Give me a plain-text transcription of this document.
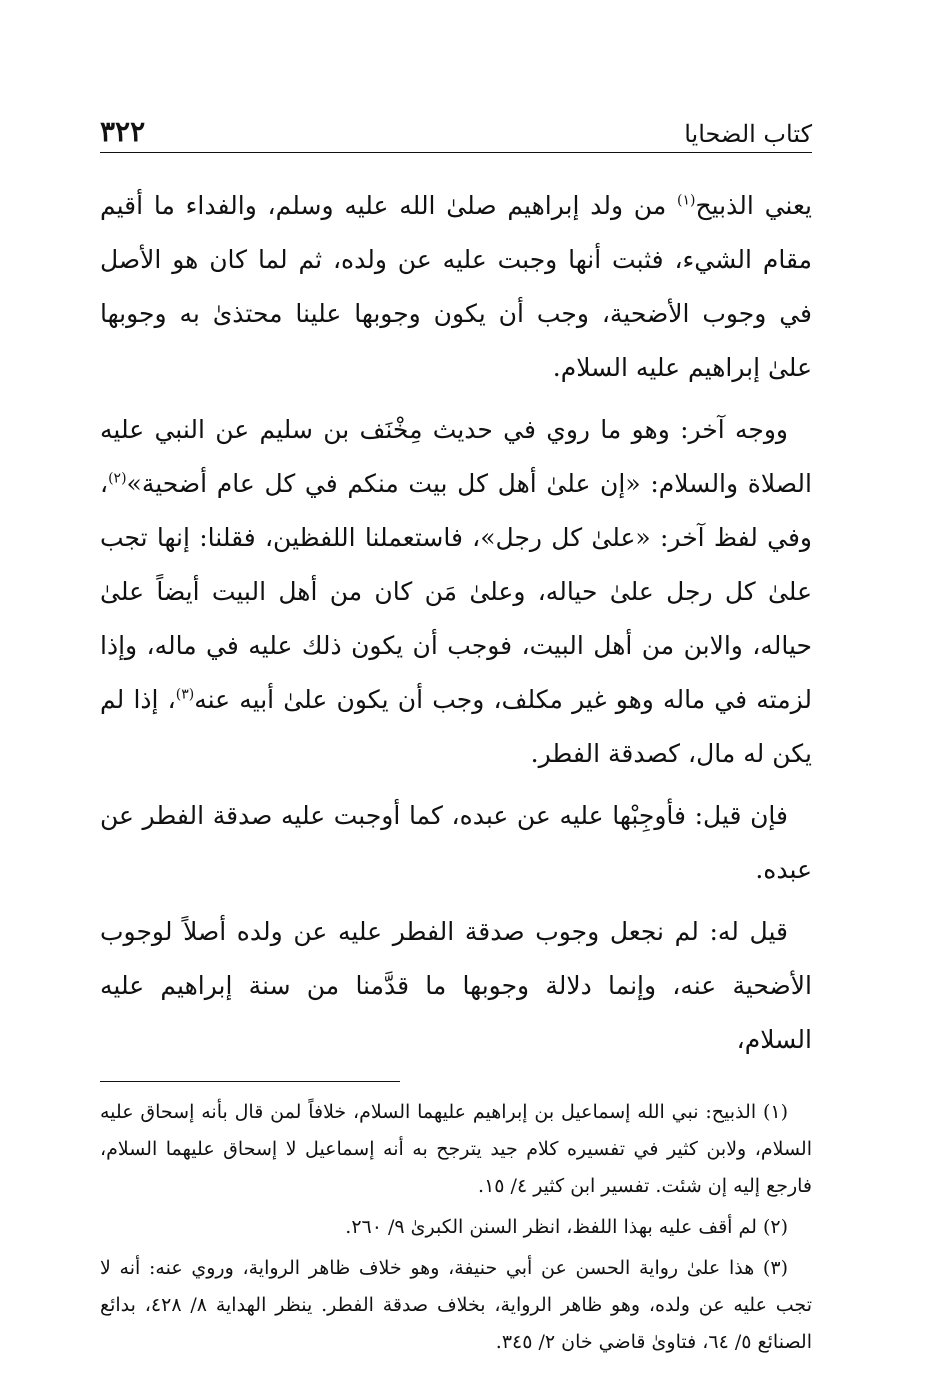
كتاب الضحايا
٣٢٢

يعني الذبيح$^{(١)}$ من ولد إبراهيم صلىٰ الله عليه وسلم، والفداء ما أقيم مقام الشيء، فثبت أنها وجبت عليه عن ولده، ثم لما كان هو الأصل في وجوب الأضحية، وجب أن يكون وجوبها علينا محتذىٰ به وجوبها علىٰ إبراهيم عليه السلام.

ووجه آخر: وهو ما روي في حديث مِخْنَف بن سليم عن النبي عليه الصلاة والسلام: «إن علىٰ أهل كل بيت منكم في كل عام أضحية»$^{(٢)}$، وفي لفظ آخر: «علىٰ كل رجل»، فاستعملنا اللفظين، فقلنا: إنها تجب علىٰ كل رجل علىٰ حياله، وعلىٰ مَن كان من أهل البيت أيضاً علىٰ حياله، والابن من أهل البيت، فوجب أن يكون ذلك عليه في ماله، وإذا لزمته في ماله وهو غير مكلف، وجب أن يكون علىٰ أبيه عنه$^{(٣)}$، إذا لم يكن له مال، كصدقة الفطر.

فإن قيل: فأوجِبْها عليه عن عبده، كما أوجبت عليه صدقة الفطر عن عبده.

قيل له: لم نجعل وجوب صدقة الفطر عليه عن ولده أصلاً لوجوب الأضحية عنه، وإنما دلالة وجوبها ما قدَّمنا من سنة إبراهيم عليه السلام،

(١) الذبيح: نبي الله إسماعيل بن إبراهيم عليهما السلام، خلافاً لمن قال بأنه إسحاق عليه السلام، ولابن كثير في تفسيره كلام جيد يترجح به أنه إسماعيل لا إسحاق عليهما السلام، فارجع إليه إن شئت. تفسير ابن كثير ٤/ ١٥.

(٢) لم أقف عليه بهذا اللفظ، انظر السنن الكبرىٰ ٩/ ٢٦٠.

(٣) هذا علىٰ رواية الحسن عن أبي حنيفة، وهو خلاف ظاهر الرواية، وروي عنه: أنه لا تجب عليه عن ولده، وهو ظاهر الرواية، بخلاف صدقة الفطر. ينظر الهداية ٨/ ٤٢٨، بدائع الصنائع ٥/ ٦٤، فتاوىٰ قاضي خان ٢/ ٣٤٥.
